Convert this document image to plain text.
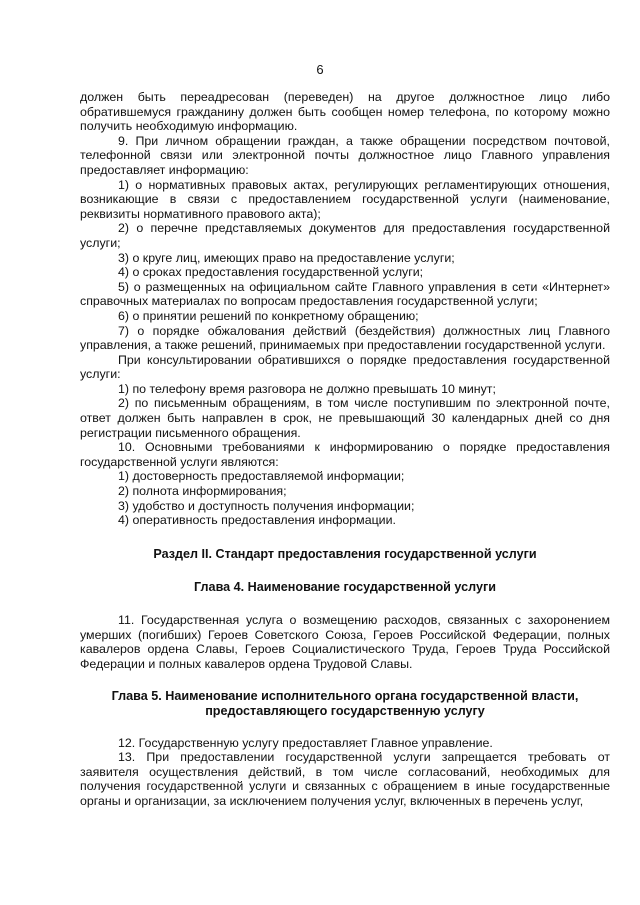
6

должен быть переадресован (переведен) на другое должностное лицо либо обратившемуся гражданину должен быть сообщен номер телефона, по которому можно получить необходимую информацию.

9. При личном обращении граждан, а также обращении посредством почтовой, телефонной связи или электронной почты должностное лицо Главного управления предоставляет информацию:

1) о нормативных правовых актах, регулирующих регламентирующих отношения, возникающие в связи с предоставлением государственной услуги (наименование, реквизиты нормативного правового акта);

2) о перечне представляемых документов для предоставления государственной услуги;

3) о круге лиц, имеющих право на предоставление услуги;

4) о сроках предоставления государственной услуги;

5) о размещенных на официальном сайте Главного управления в сети «Интернет» справочных материалах по вопросам предоставления государственной услуги;

6) о принятии решений по конкретному обращению;

7) о порядке обжалования действий (бездействия) должностных лиц Главного управления, а также решений, принимаемых при предоставлении государственной услуги.

При консультировании обратившихся о порядке предоставления государственной услуги:

1) по телефону время разговора не должно превышать 10 минут;

2) по письменным обращениям, в том числе поступившим по электронной почте, ответ должен быть направлен в срок, не превышающий 30 календарных дней со дня регистрации письменного обращения.

10. Основными требованиями к информированию о порядке предоставления государственной услуги являются:

1) достоверность предоставляемой информации;

2) полнота информирования;

3) удобство и доступность получения информации;

4) оперативность предоставления информации.

Раздел II. Стандарт предоставления государственной услуги

Глава 4. Наименование государственной услуги

11. Государственная услуга о возмещению расходов, связанных с захоронением умерших (погибших) Героев Советского Союза, Героев Российской Федерации, полных кавалеров ордена Славы, Героев Социалистического Труда, Героев Труда Российской Федерации и полных кавалеров ордена Трудовой Славы.

Глава 5. Наименование исполнительного органа государственной власти, предоставляющего государственную услугу

12. Государственную услугу предоставляет Главное управление.

13. При предоставлении государственной услуги запрещается требовать от заявителя осуществления действий, в том числе согласований, необходимых для получения государственной услуги и связанных с обращением в иные государственные органы и организации, за исключением получения услуг, включенных в перечень услуг,
